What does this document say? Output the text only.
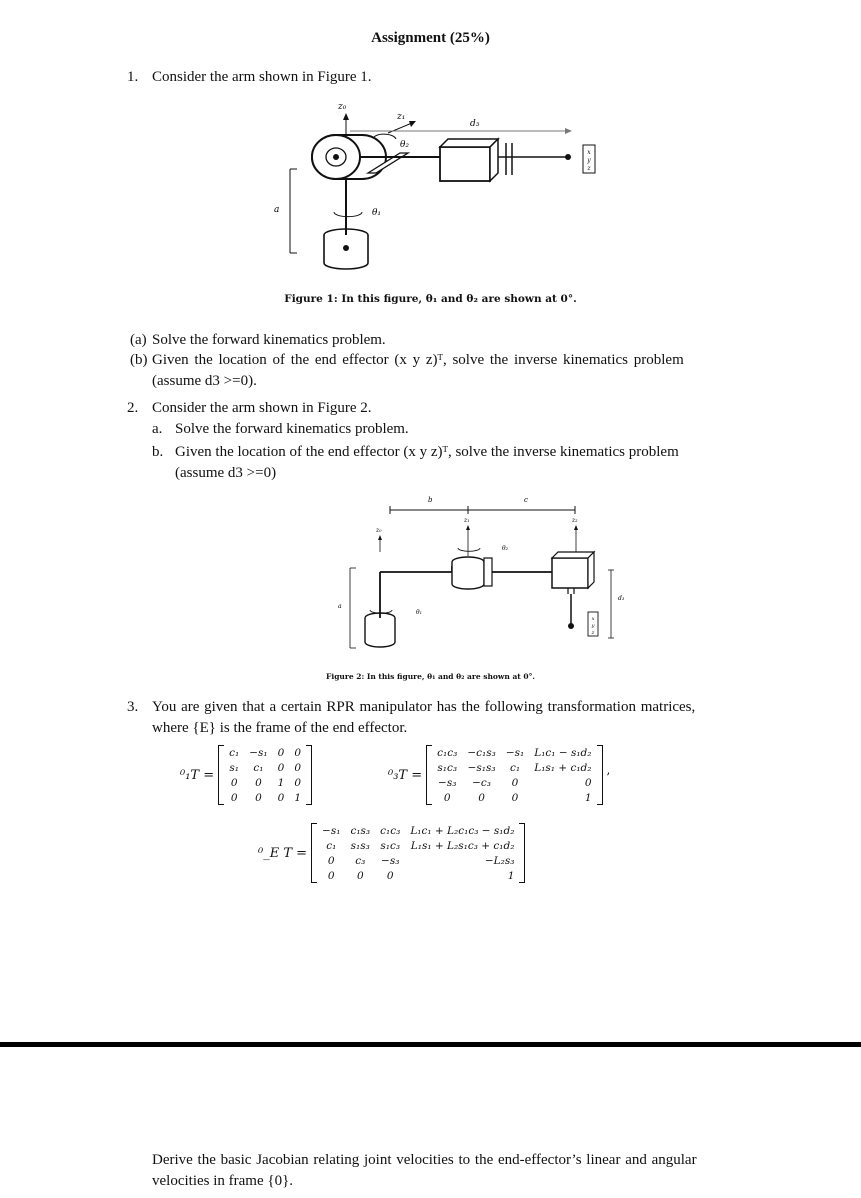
Assignment (25%)
1. Consider the arm shown in Figure 1.
x
y
z
a
z₀
z₁
θ₂
d₃
θ₁
Figure 1: In this figure, θ₁ and θ₂ are shown at 0°.
(a) Solve the forward kinematics problem.
(b) Given the location of the end effector (x y z)ᵀ, solve the inverse kinematics problem
(assume d3 >=0).
2. Consider the arm shown in Figure 2.
a. Solve the forward kinematics problem.
b. Given the location of the end effector (x y z)ᵀ, solve the inverse kinematics problem
(assume d3 >=0)
b	c
θ₁
z₀
θ₂
z₁	z₂
d₃
x
y
z
a
Figure 2: In this figure, θ₁ and θ₂ are shown at 0°.
3. You are given that a certain RPR manipulator has the following transformation matrices,
where {E} is the frame of the end effector.
⁰₁T =
c₁	−s₁	0	0
s₁	c₁	0	0
0	0	1	0
0	0	0	1
⁰₃T =
c₁c₃	−c₁s₃	−s₁	L₁c₁ − s₁d₂
s₁c₃	−s₁s₃	c₁	L₁s₁ + c₁d₂
−s₃	−c₃	0	0
0	0	0	1
,
⁰_E T =
−s₁	c₁s₃	c₁c₃	L₁c₁ + L₂c₁c₃ − s₁d₂
c₁	s₁s₃	s₁c₃	L₁s₁ + L₂s₁c₃ + c₁d₂
0	c₃	−s₃	−L₂s₃
0	0	0	1
Derive the basic Jacobian relating joint velocities to the end-effector’s linear and angular
velocities in frame {0}.
